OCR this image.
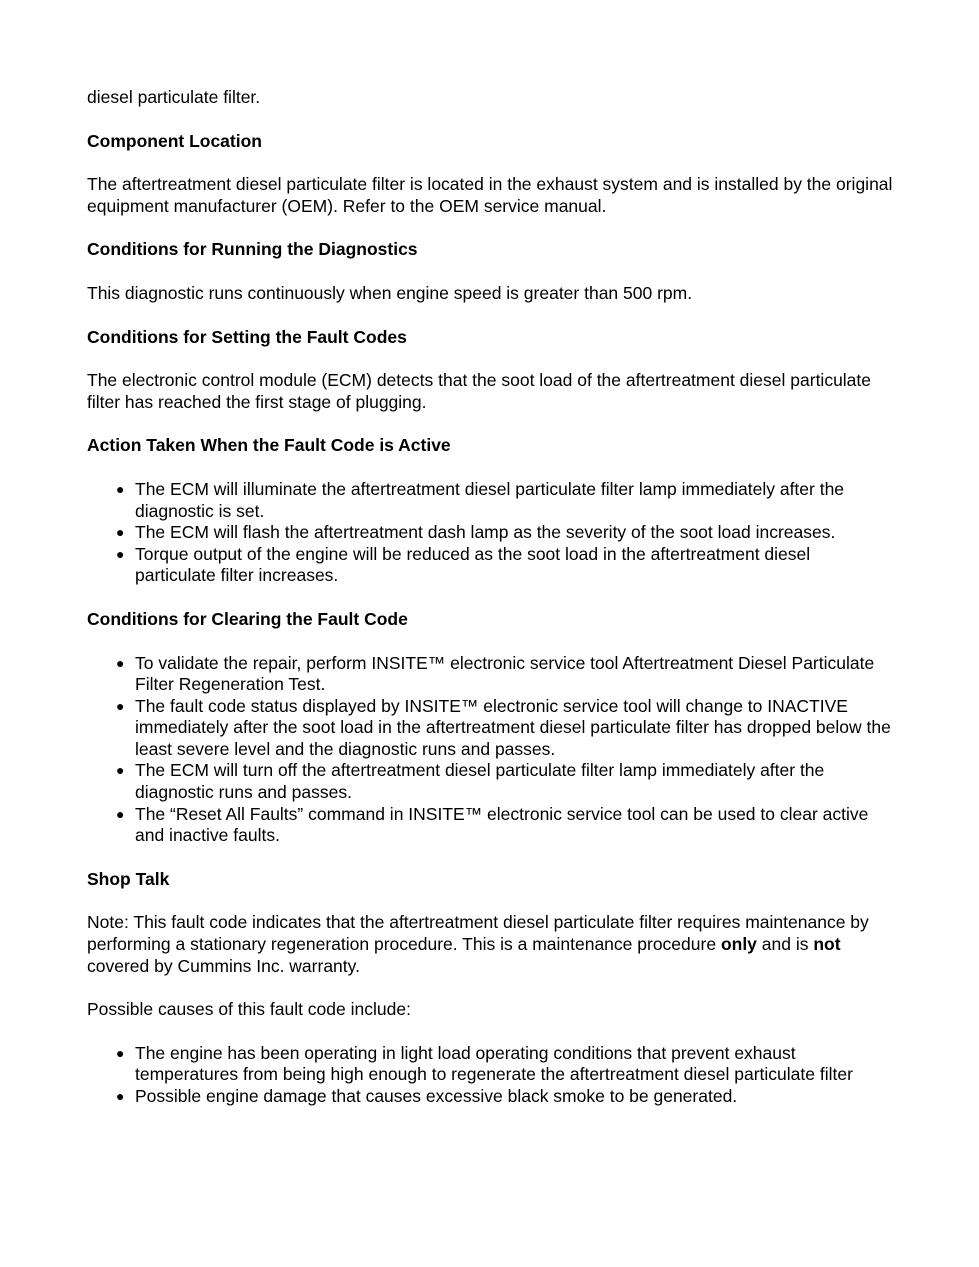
diesel particulate filter.

Component Location

The aftertreatment diesel particulate filter is located in the exhaust system and is installed by the original equipment manufacturer (OEM). Refer to the OEM service manual.

Conditions for Running the Diagnostics

This diagnostic runs continuously when engine speed is greater than 500 rpm.

Conditions for Setting the Fault Codes

The electronic control module (ECM) detects that the soot load of the aftertreatment diesel particulate filter has reached the first stage of plugging.

Action Taken When the Fault Code is Active

● The ECM will illuminate the aftertreatment diesel particulate filter lamp immediately after the diagnostic is set.
● The ECM will flash the aftertreatment dash lamp as the severity of the soot load increases.
● Torque output of the engine will be reduced as the soot load in the aftertreatment diesel particulate filter increases.

Conditions for Clearing the Fault Code

● To validate the repair, perform INSITE™ electronic service tool Aftertreatment Diesel Particulate Filter Regeneration Test.
● The fault code status displayed by INSITE™ electronic service tool will change to INACTIVE immediately after the soot load in the aftertreatment diesel particulate filter has dropped below the least severe level and the diagnostic runs and passes.
● The ECM will turn off the aftertreatment diesel particulate filter lamp immediately after the diagnostic runs and passes.
● The “Reset All Faults” command in INSITE™ electronic service tool can be used to clear active and inactive faults.

Shop Talk

Note: This fault code indicates that the aftertreatment diesel particulate filter requires maintenance by performing a stationary regeneration procedure. This is a maintenance procedure only and is not covered by Cummins Inc. warranty.

Possible causes of this fault code include:

● The engine has been operating in light load operating conditions that prevent exhaust temperatures from being high enough to regenerate the aftertreatment diesel particulate filter
● Possible engine damage that causes excessive black smoke to be generated.
